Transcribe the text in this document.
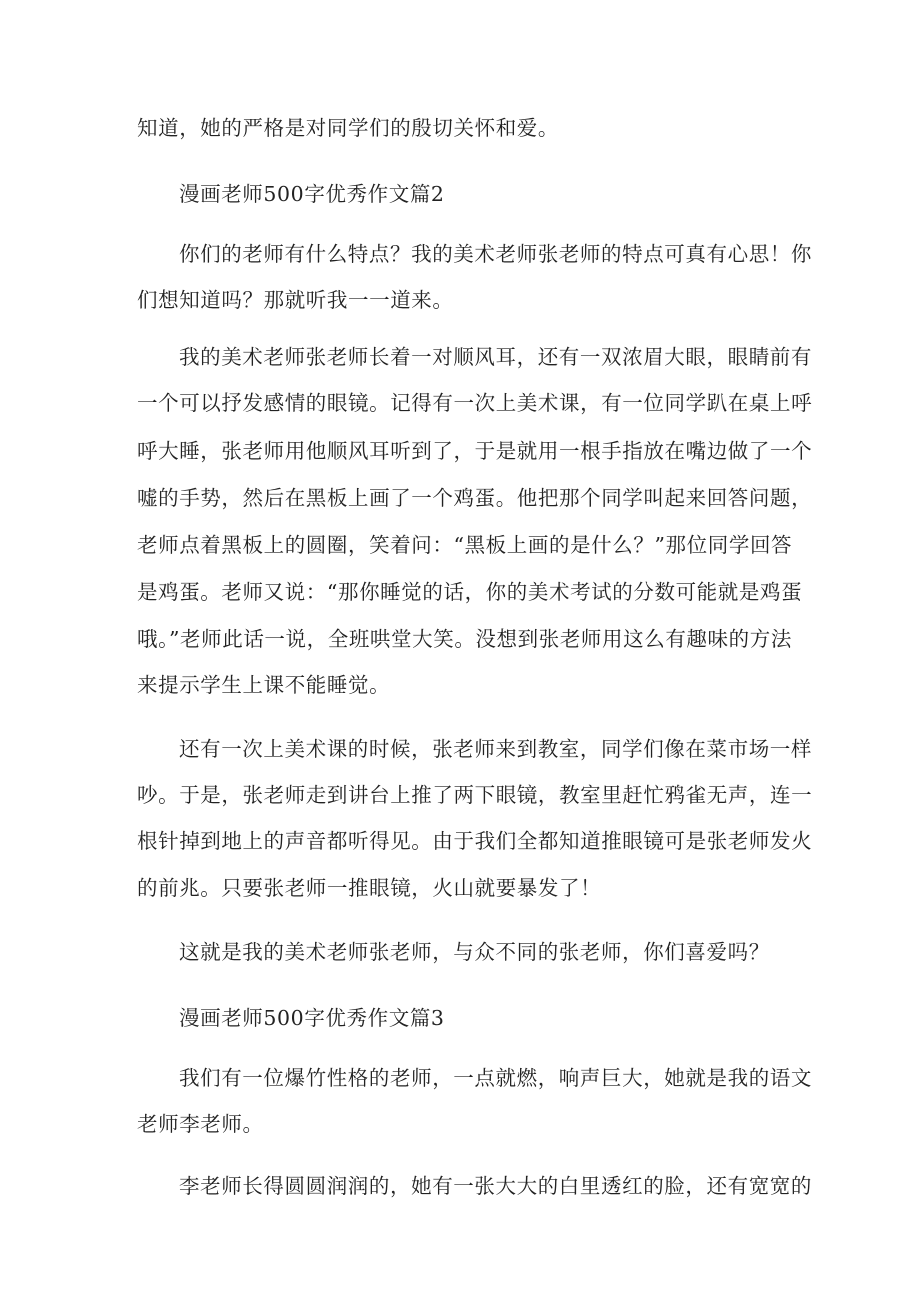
知道，她的严格是对同学们的殷切关怀和爱。
漫画老师500字优秀作文篇2
你们的老师有什么特点？我的美术老师张老师的特点可真有心思！你
们想知道吗？那就听我一一道来。
我的美术老师张老师长着一对顺风耳，还有一双浓眉大眼，眼睛前有
一个可以抒发感情的眼镜。记得有一次上美术课，有一位同学趴在桌上呼
呼大睡，张老师用他顺风耳听到了，于是就用一根手指放在嘴边做了一个
嘘的手势，然后在黑板上画了一个鸡蛋。他把那个同学叫起来回答问题，
老师点着黑板上的圆圈，笑着问：“黑板上画的是什么？”那位同学回答
是鸡蛋。老师又说：“那你睡觉的话，你的美术考试的分数可能就是鸡蛋
哦。”老师此话一说，全班哄堂大笑。没想到张老师用这么有趣味的方法
来提示学生上课不能睡觉。
还有一次上美术课的时候，张老师来到教室，同学们像在菜市场一样
吵。于是，张老师走到讲台上推了两下眼镜，教室里赶忙鸦雀无声，连一
根针掉到地上的声音都听得见。由于我们全都知道推眼镜可是张老师发火
的前兆。只要张老师一推眼镜，火山就要暴发了！
这就是我的美术老师张老师，与众不同的张老师，你们喜爱吗？
漫画老师500字优秀作文篇3
我们有一位爆竹性格的老师，一点就燃，响声巨大，她就是我的语文
老师李老师。
李老师长得圆圆润润的，她有一张大大的白里透红的脸，还有宽宽的
